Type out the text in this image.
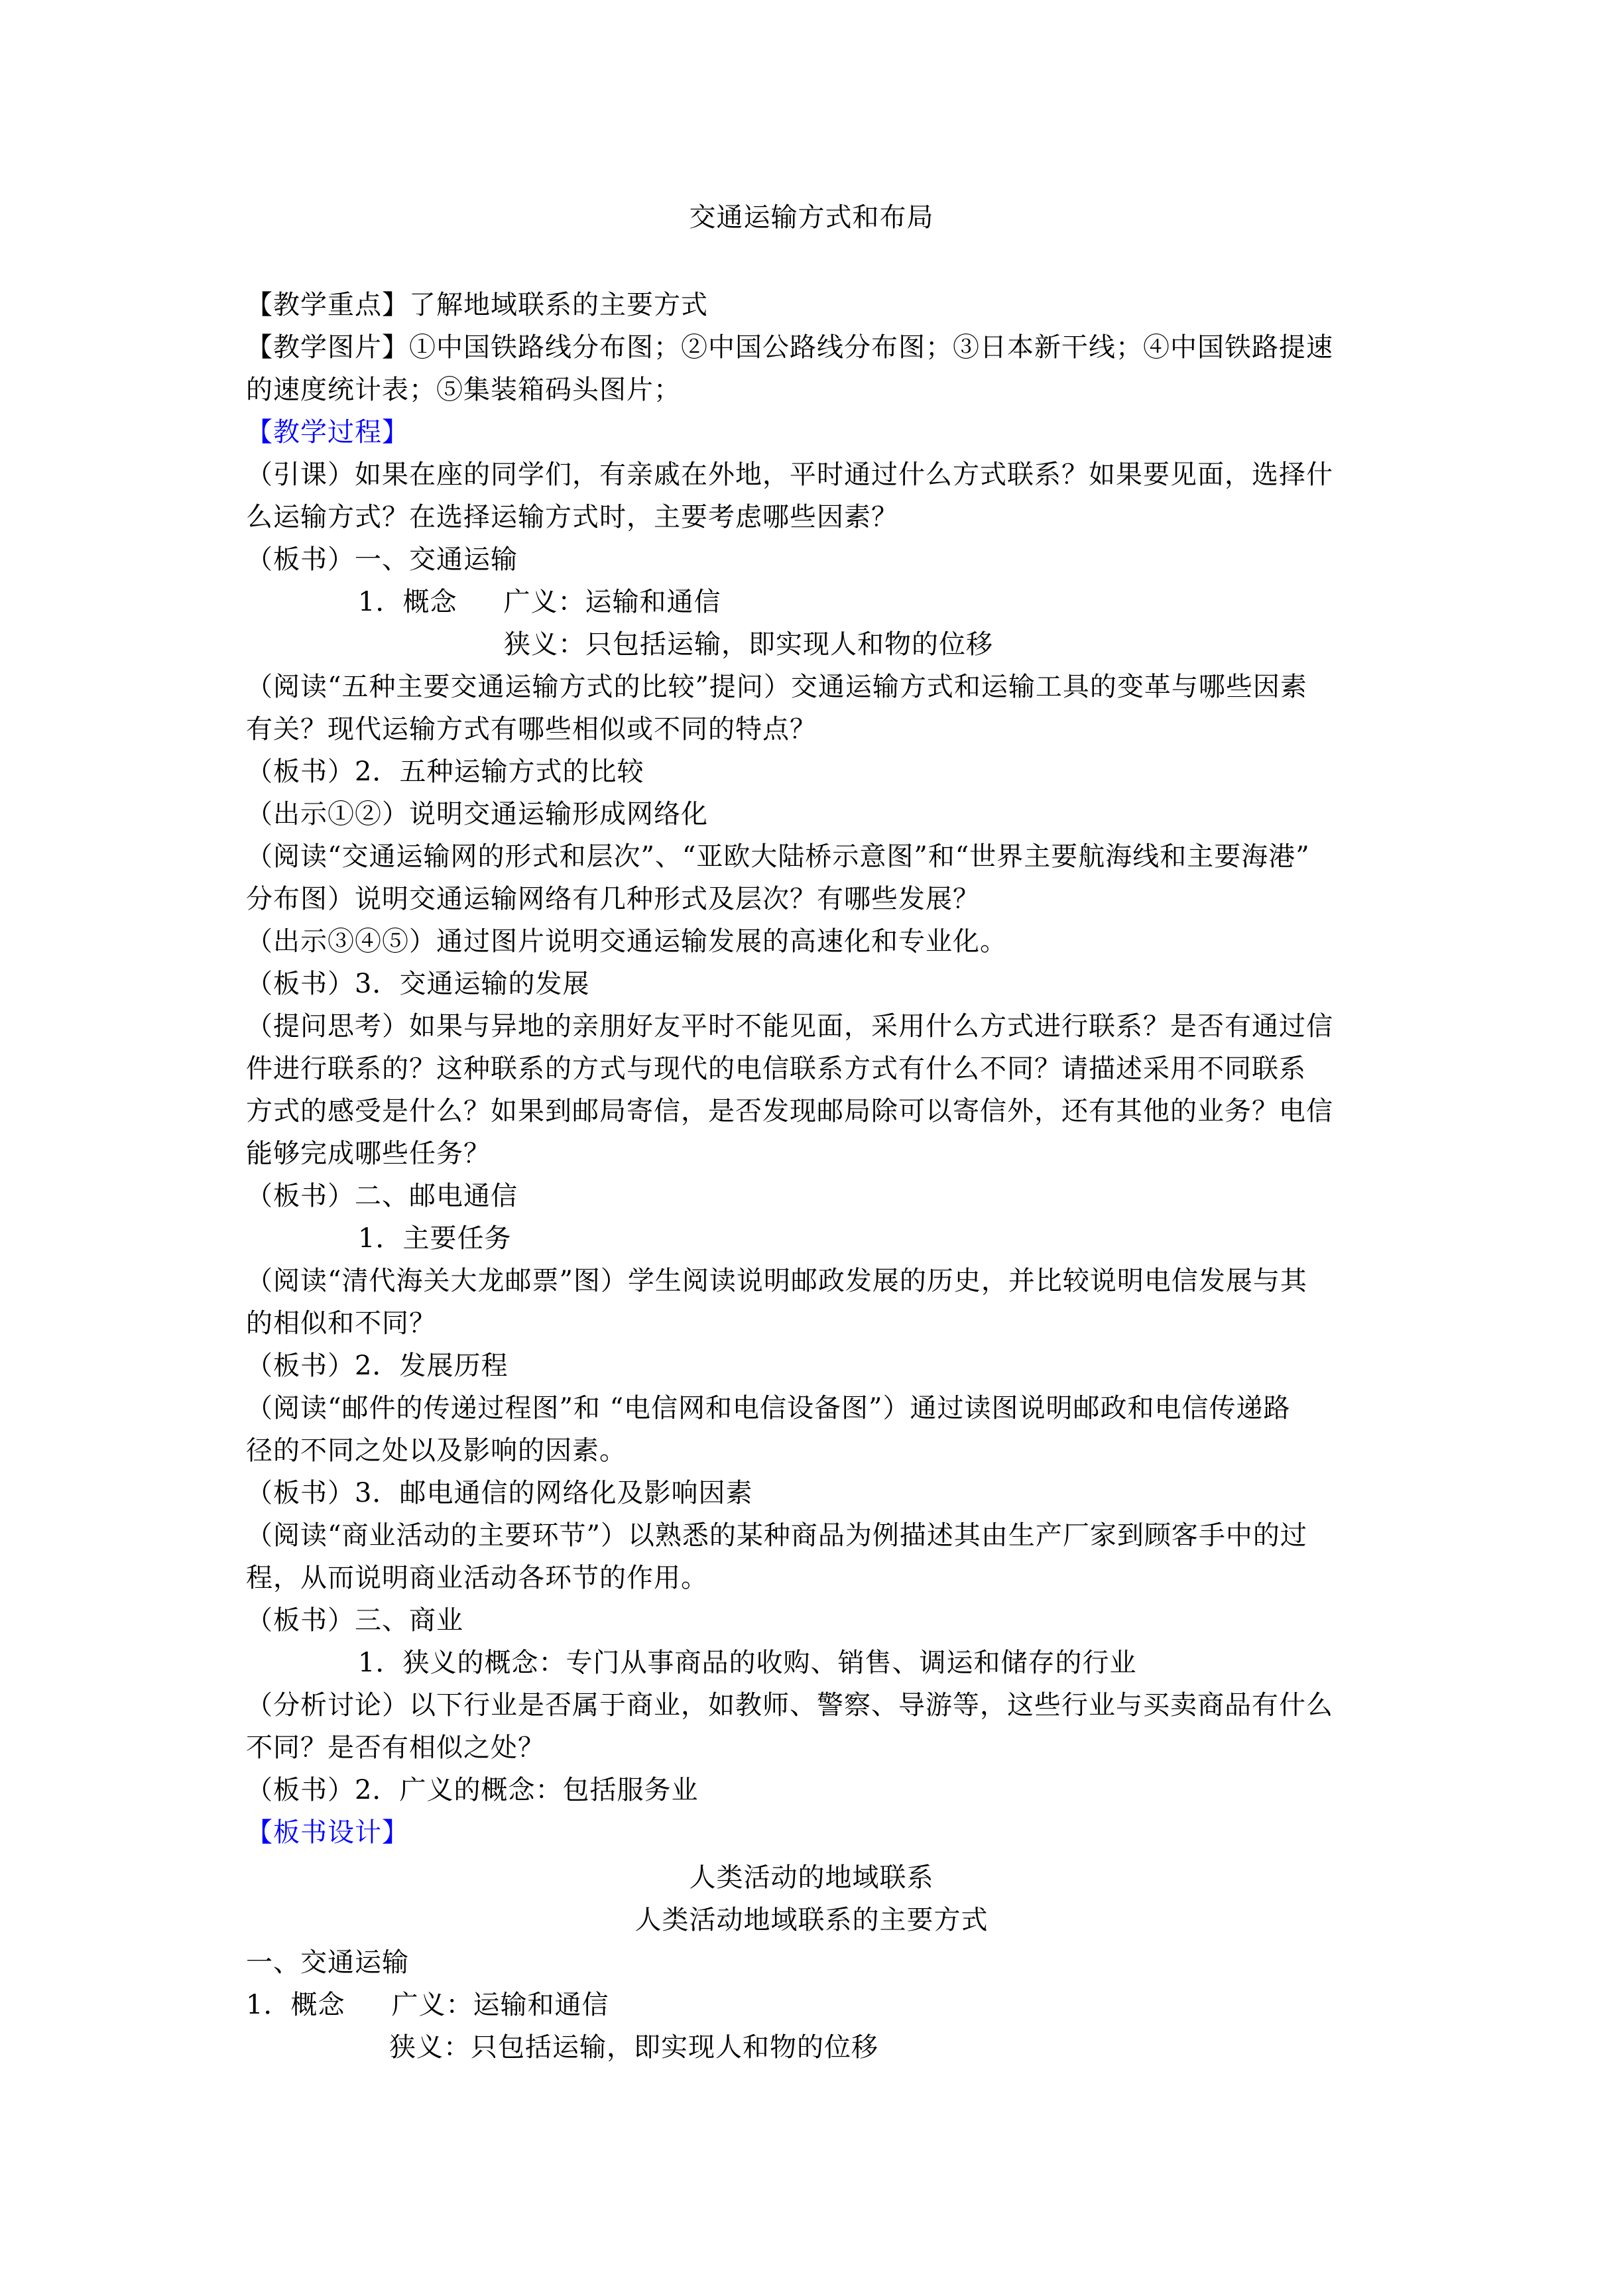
交通运输方式和布局
【教学重点】了解地域联系的主要方式
【教学图片】①中国铁路线分布图；②中国公路线分布图；③日本新干线；④中国铁路提速
的速度统计表；⑤集装箱码头图片；
【教学过程】
（引课）如果在座的同学们，有亲戚在外地，平时通过什么方式联系？如果要见面，选择什
么运输方式？在选择运输方式时，主要考虑哪些因素？
（板书）一、交通运输
1．概念 广义：运输和通信
狭义：只包括运输，即实现人和物的位移
（阅读“五种主要交通运输方式的比较”提问）交通运输方式和运输工具的变革与哪些因素
有关？现代运输方式有哪些相似或不同的特点？
（板书）2．五种运输方式的比较
（出示①②）说明交通运输形成网络化
（阅读“交通运输网的形式和层次”、“亚欧大陆桥示意图”和“世界主要航海线和主要海港”
分布图）说明交通运输网络有几种形式及层次？有哪些发展？
（出示③④⑤）通过图片说明交通运输发展的高速化和专业化。
（板书）3．交通运输的发展
（提问思考）如果与异地的亲朋好友平时不能见面，采用什么方式进行联系？是否有通过信
件进行联系的？这种联系的方式与现代的电信联系方式有什么不同？请描述采用不同联系
方式的感受是什么？如果到邮局寄信，是否发现邮局除可以寄信外，还有其他的业务？电信
能够完成哪些任务？
（板书）二、邮电通信
1．主要任务
（阅读“清代海关大龙邮票”图）学生阅读说明邮政发展的历史，并比较说明电信发展与其
的相似和不同？
（板书）2．发展历程
（阅读“邮件的传递过程图”和 “电信网和电信设备图”）通过读图说明邮政和电信传递路
径的不同之处以及影响的因素。
（板书）3．邮电通信的网络化及影响因素
（阅读“商业活动的主要环节”）以熟悉的某种商品为例描述其由生产厂家到顾客手中的过
程，从而说明商业活动各环节的作用。
（板书）三、商业
1．狭义的概念：专门从事商品的收购、销售、调运和储存的行业
（分析讨论）以下行业是否属于商业，如教师、警察、导游等，这些行业与买卖商品有什么
不同？是否有相似之处？
（板书）2．广义的概念：包括服务业
【板书设计】
人类活动的地域联系
人类活动地域联系的主要方式
一、交通运输
1．概念 广义：运输和通信
狭义：只包括运输，即实现人和物的位移
